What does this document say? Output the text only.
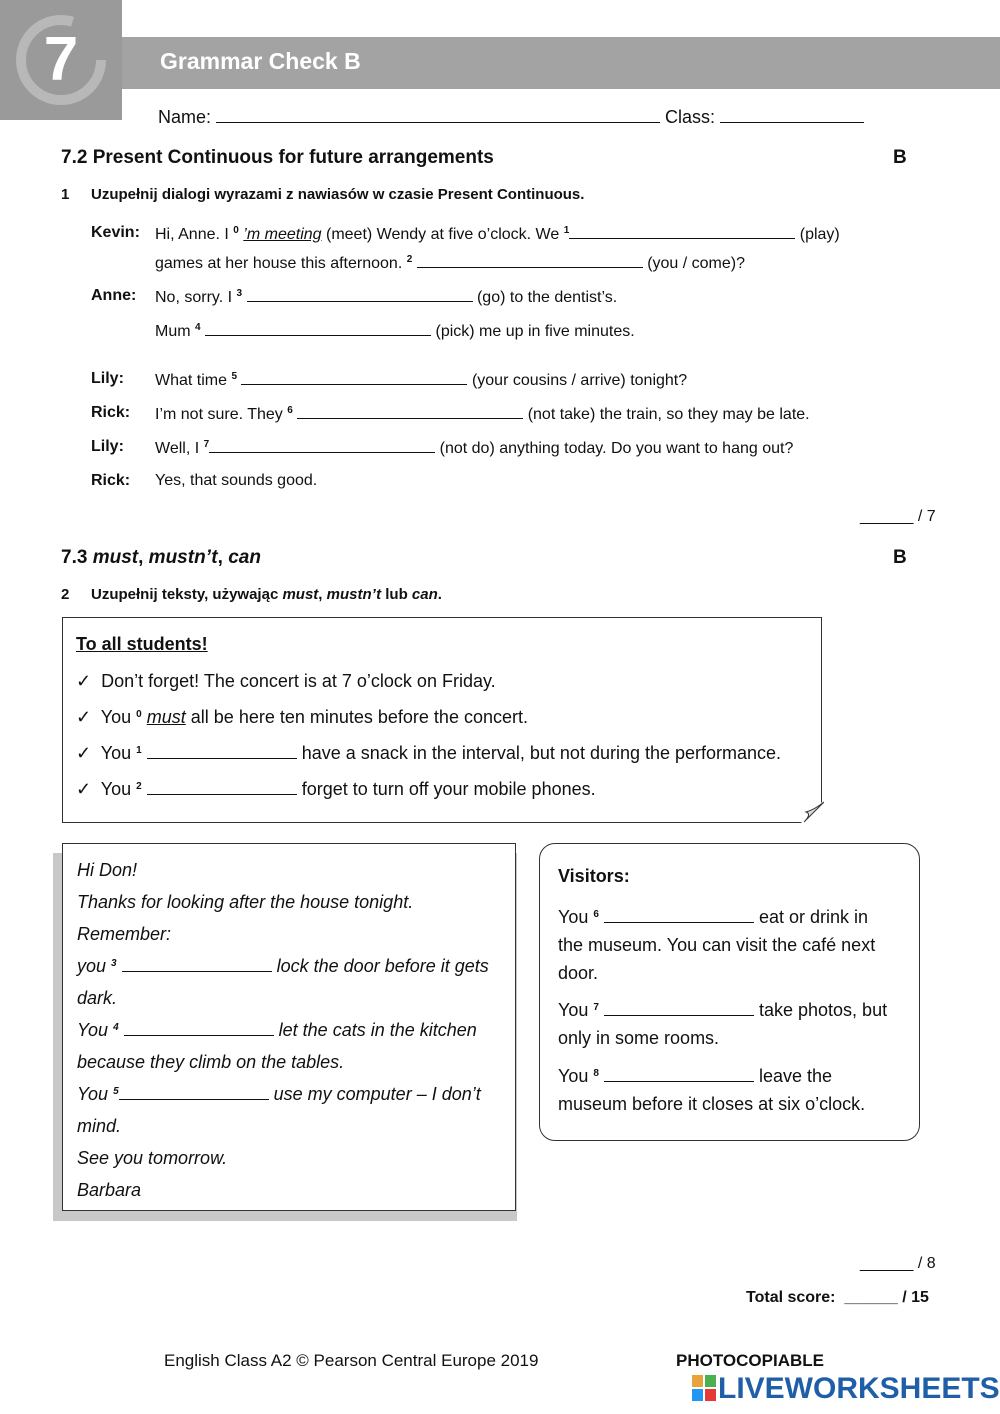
7	Grammar Check B
Name:	Class:
7.2 Present Continuous for future arrangements	B
1 Uzupełnij dialogi wyrazami z nawiasów w czasie Present Continuous.
Kevin: Hi, Anne. I $^0$ ’m meeting (meet) Wendy at five o’clock. We $^1$	(play)
games at her house this afternoon. $^2$	(you / come)?
Anne: No, sorry. I $^3$	(go) to the dentist’s.
Mum $^4$	(pick) me up in five minutes.
Lily: What time $^5$	(your cousins / arrive) tonight?
Rick: I’m not sure. They $^6$	(not take) the train, so they may be late.
Lily: Well, I $^7$	(not do) anything today. Do you want to hang out?
Rick: Yes, that sounds good.
______ / 7
7.3 must, mustn’t, can	B
2 Uzupełnij teksty, używając must, mustn’t lub can.
To all students!
✓ Don’t forget! The concert is at 7 o’clock on Friday.
✓ You $^0$ must all be here ten minutes before the concert.
✓ You $^1$	have a snack in the interval, but not during the performance.
✓ You $^2$	forget to turn off your mobile phones.
Hi Don!
Thanks for looking after the house tonight.
Remember:
you $^3$	lock the door before it gets
dark.
You $^4$	let the cats in the kitchen
because they climb on the tables.
You $^5$	use my computer – I don’t
mind.
See you tomorrow.
Barbara
Visitors:
You $^6$	eat or drink in
the museum. You can visit the café next
door.
You $^7$	take photos, but
only in some rooms.
You $^8$	leave the
museum before it closes at six o’clock.
______ / 8
Total score: ______ / 15
English Class A2 © Pearson Central Europe 2019	PHOTOCOPIABLE
LIVEWORKSHEETS
